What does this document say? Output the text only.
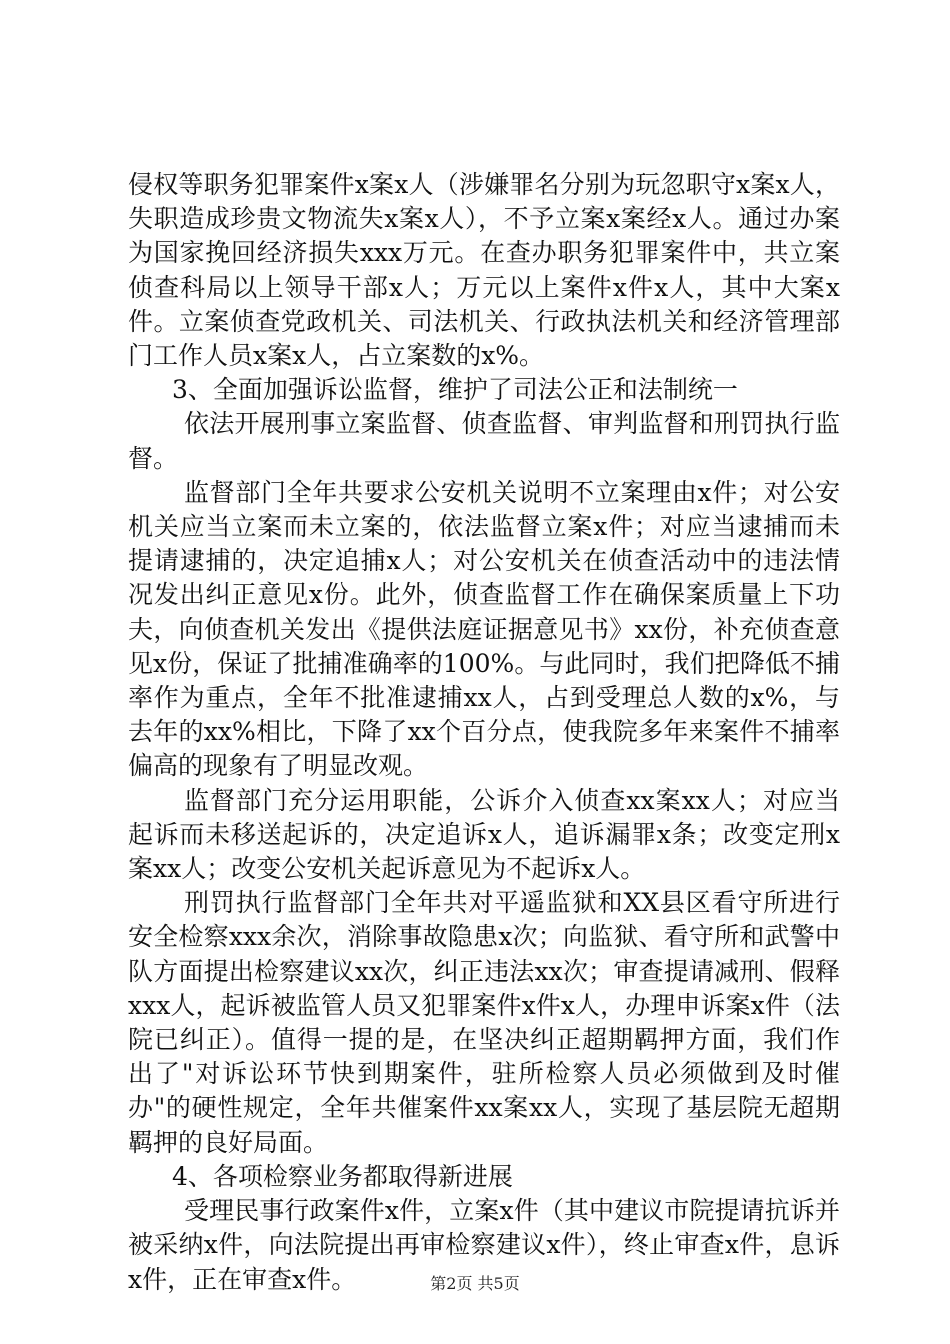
侵权等职务犯罪案件x案x人（涉嫌罪名分别为玩忽职守x案x人，失职造成珍贵文物流失x案x人），不予立案x案经x人。通过办案为国家挽回经济损失xxx万元。在查办职务犯罪案件中，共立案侦查科局以上领导干部x人；万元以上案件x件x人，其中大案x件。立案侦查党政机关、司法机关、行政执法机关和经济管理部门工作人员x案x人，占立案数的x%。

3、全面加强诉讼监督，维护了司法公正和法制统一

依法开展刑事立案监督、侦查监督、审判监督和刑罚执行监督。

监督部门全年共要求公安机关说明不立案理由x件；对公安机关应当立案而未立案的，依法监督立案x件；对应当逮捕而未提请逮捕的，决定追捕x人；对公安机关在侦查活动中的违法情况发出纠正意见x份。此外，侦查监督工作在确保案质量上下功夫，向侦查机关发出《提供法庭证据意见书》xx份，补充侦查意见x份，保证了批捕准确率的100%。与此同时，我们把降低不捕率作为重点，全年不批准逮捕xx人，占到受理总人数的x%，与去年的xx%相比，下降了xx个百分点，使我院多年来案件不捕率偏高的现象有了明显改观。

监督部门充分运用职能，公诉介入侦查xx案xx人；对应当起诉而未移送起诉的，决定追诉x人，追诉漏罪x条；改变定刑x案xx人；改变公安机关起诉意见为不起诉x人。

刑罚执行监督部门全年共对平遥监狱和XX县区看守所进行安全检察xxx余次，消除事故隐患x次；向监狱、看守所和武警中队方面提出检察建议xx次，纠正违法xx次；审查提请减刑、假释xxx人，起诉被监管人员又犯罪案件x件x人，办理申诉案x件（法院已纠正）。值得一提的是，在坚决纠正超期羁押方面，我们作出了"对诉讼环节快到期案件，驻所检察人员必须做到及时催办"的硬性规定，全年共催案件xx案xx人，实现了基层院无超期羁押的良好局面。

4、各项检察业务都取得新进展

受理民事行政案件x件，立案x件（其中建议市院提请抗诉并被采纳x件，向法院提出再审检察建议x件），终止审查x件，息诉x件，正在审查x件。	第2页 共5页
